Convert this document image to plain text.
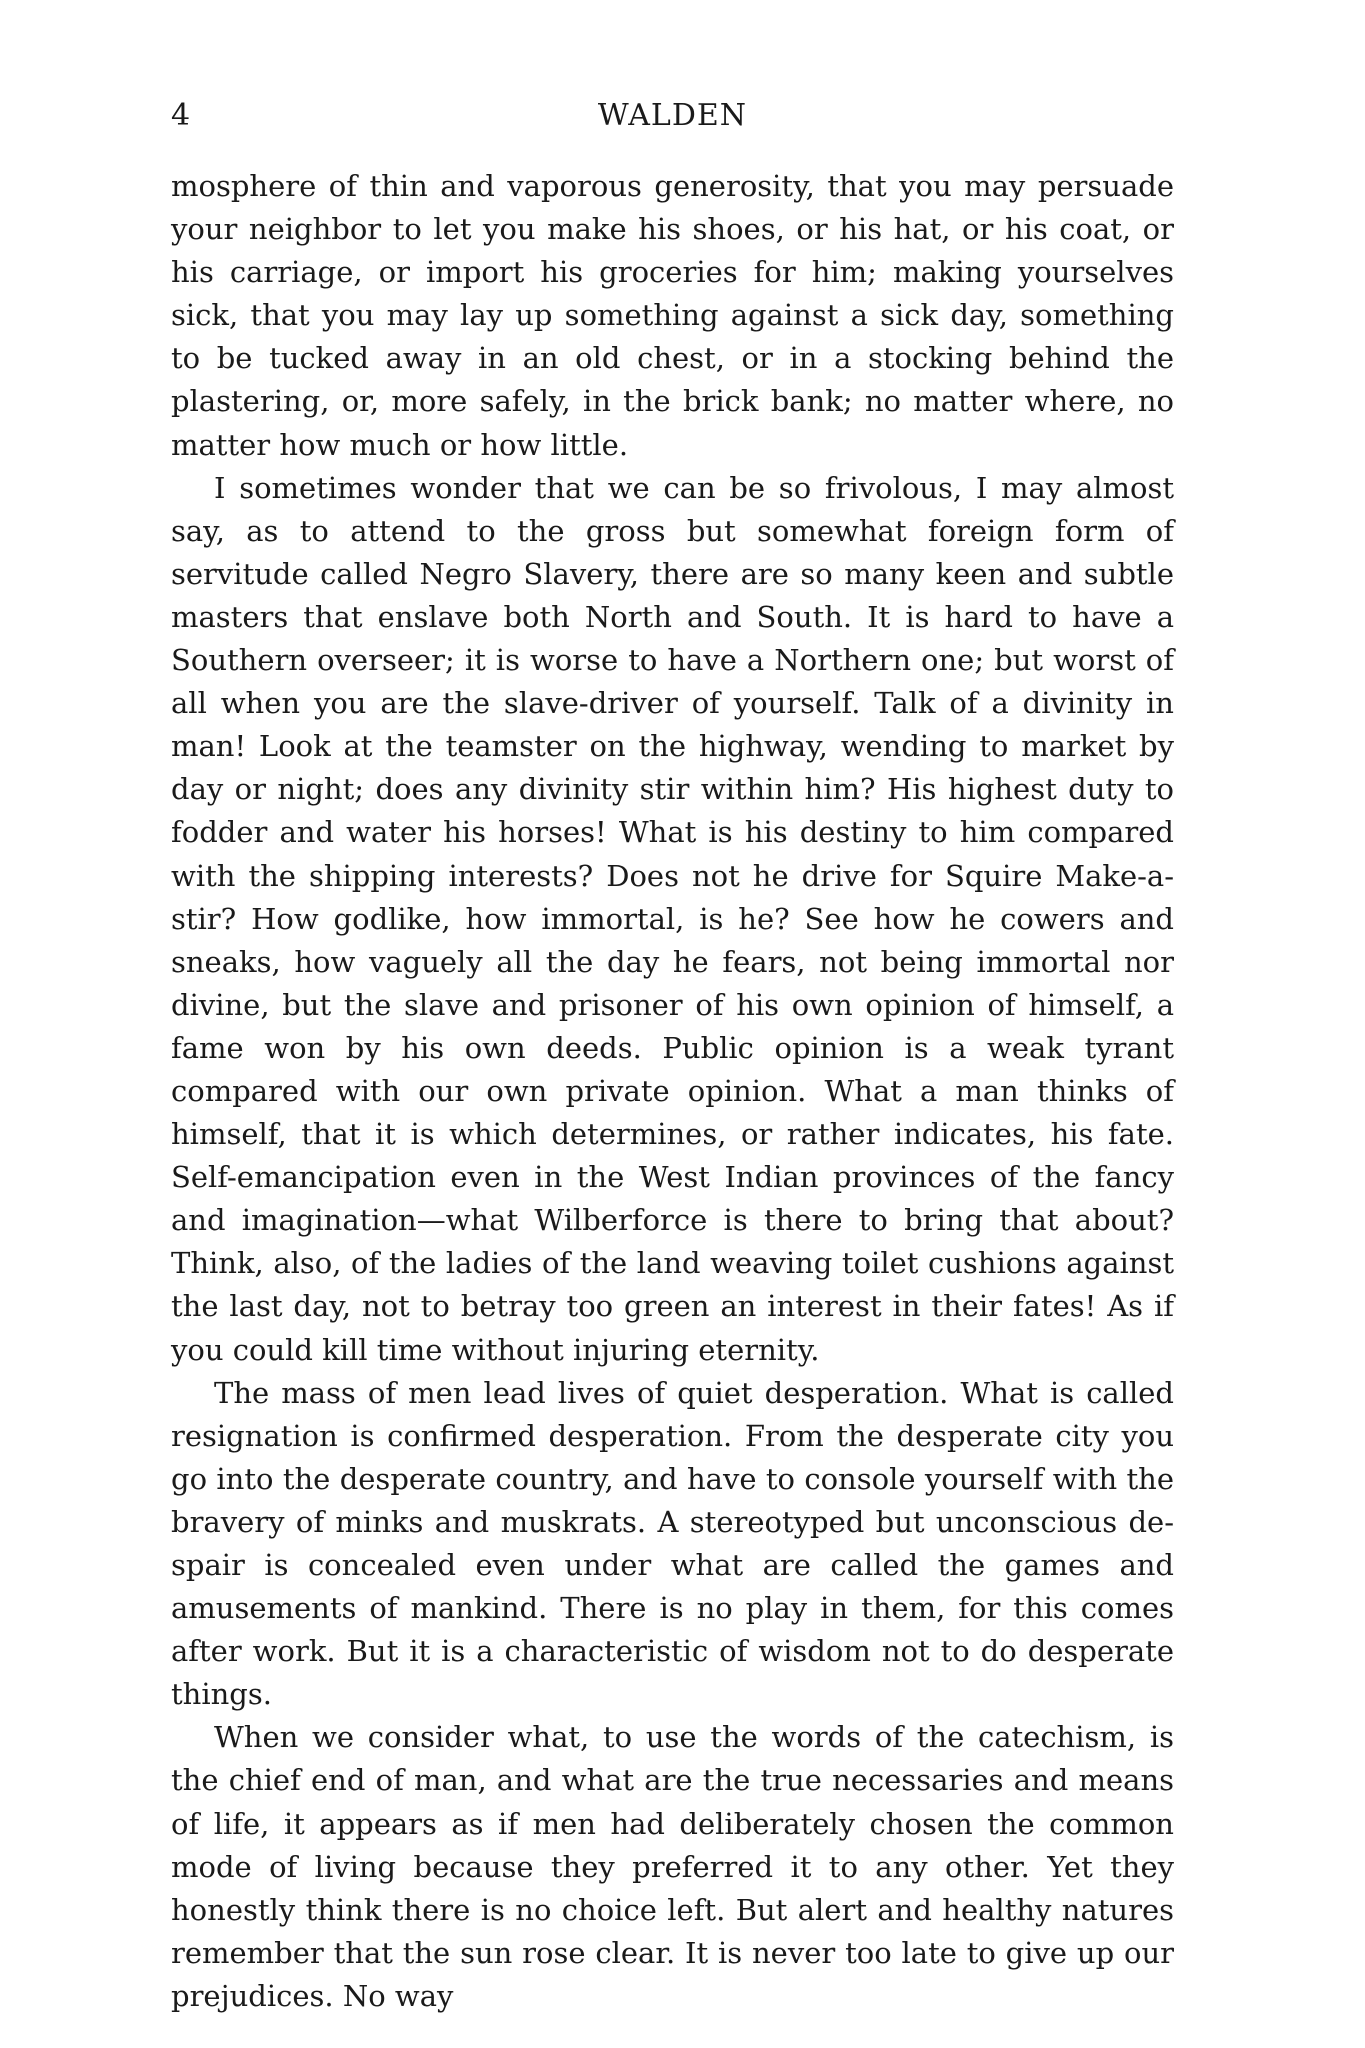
4	WALDEN

mosphere of thin and vaporous generosity, that you may persuade your neighbor to let you make his shoes, or his hat, or his coat, or his carriage, or import his groceries for him; making yourselves sick, that you may lay up something against a sick day, something to be tucked away in an old chest, or in a stocking behind the plastering, or, more safely, in the brick bank; no matter where, no matter how much or how little.

I sometimes wonder that we can be so frivolous, I may almost say, as to attend to the gross but somewhat foreign form of servitude called Negro Slavery, there are so many keen and subtle masters that enslave both North and South. It is hard to have a Southern overseer; it is worse to have a Northern one; but worst of all when you are the slave-driver of yourself. Talk of a divinity in man! Look at the teamster on the highway, wending to market by day or night; does any divinity stir within him? His highest duty to fodder and water his horses! What is his destiny to him compared with the shipping interests? Does not he drive for Squire Make-a-stir? How godlike, how immortal, is he? See how he cowers and sneaks, how vaguely all the day he fears, not being immortal nor divine, but the slave and prisoner of his own opinion of himself, a fame won by his own deeds. Public opinion is a weak tyrant compared with our own private opinion. What a man thinks of himself, that it is which determines, or rather indicates, his fate. Self-emancipation even in the West Indian provinces of the fancy and imagination—what Wilberforce is there to bring that about? Think, also, of the ladies of the land weaving toilet cushions against the last day, not to betray too green an interest in their fates! As if you could kill time without injuring eternity.

The mass of men lead lives of quiet desperation. What is called resignation is confirmed desperation. From the desperate city you go into the desperate country, and have to console yourself with the bravery of minks and muskrats. A stereotyped but unconscious despair is concealed even under what are called the games and amusements of mankind. There is no play in them, for this comes after work. But it is a characteristic of wisdom not to do desperate things.

When we consider what, to use the words of the catechism, is the chief end of man, and what are the true necessaries and means of life, it appears as if men had deliberately chosen the common mode of living because they preferred it to any other. Yet they honestly think there is no choice left. But alert and healthy natures remember that the sun rose clear. It is never too late to give up our prejudices. No way
